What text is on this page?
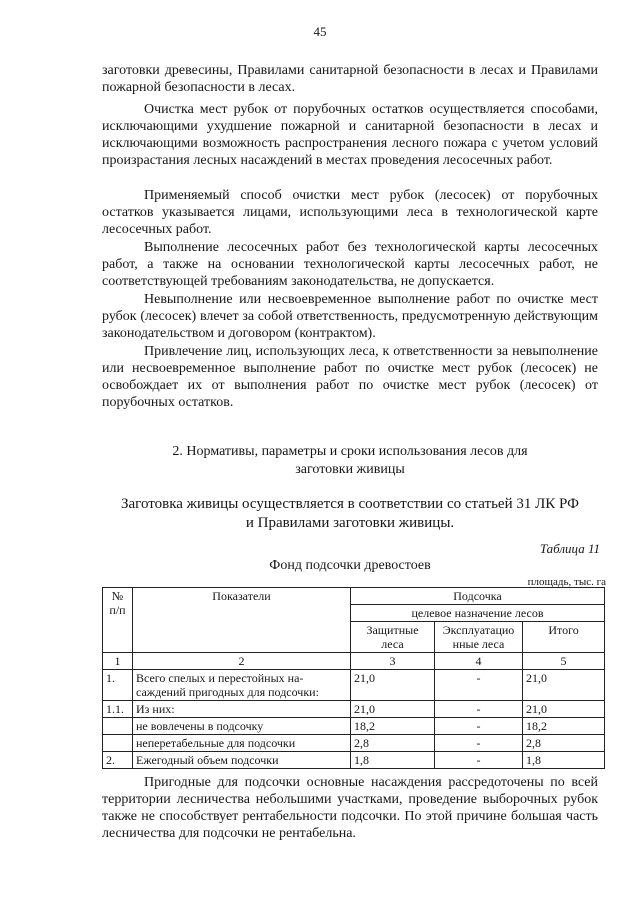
45

заготовки древесины, Правилами санитарной безопасности в лесах и Правилами пожарной безопасности в лесах.

Очистка мест рубок от порубочных остатков осуществляется способами, исключающими ухудшение пожарной и санитарной безопасности в лесах и исключающими возможность распространения лесного пожара с учетом условий произрастания лесных насаждений в местах проведения лесосечных работ.

Применяемый способ очистки мест рубок (лесосек) от порубочных остатков указывается лицами, использующими леса в технологической карте лесосечных работ.

Выполнение лесосечных работ без технологической карты лесосечных работ, а также на основании технологической карты лесосечных работ, не соответствующей требованиям законодательства, не допускается.

Невыполнение или несвоевременное выполнение работ по очистке мест рубок (лесосек) влечет за собой ответственность, предусмотренную действующим законодательством и договором (контрактом).

Привлечение лиц, использующих леса, к ответственности за невыполнение или несвоевременное выполнение работ по очистке мест рубок (лесосек) не освобождает их от выполнения работ по очистке мест рубок (лесосек) от порубочных остатков.

2. Нормативы, параметры и сроки использования лесов для
заготовки живицы
Заготовка живицы осуществляется в соответствии со статьей 31 ЛК РФ
и Правилами заготовки живицы.
Таблица 11
Фонд подсочки древостоев
площадь, тыс. га
№ п/п	Показатели	Подсочка		
		целевое назначение лесов		
		Защитные леса	Эксплуатацио нные леса	Итого
1	2	3	4	5
1.	Всего спелых и перестойных на-саждений пригодных для подсочки:	21,0	-	21,0
1.1.	Из них:	21,0	-	21,0
	не вовлечены в подсочку	18,2	-	18,2
	неперетабельные для подсочки	2,8	-	2,8
2.	Ежегодный объем подсочки	1,8	-	1,8

Пригодные для подсочки основные насаждения рассредоточены по всей территории лесничества небольшими участками, проведение выборочных рубок также не способствует рентабельности подсочки. По этой причине большая часть лесничества для подсочки не рентабельна.
